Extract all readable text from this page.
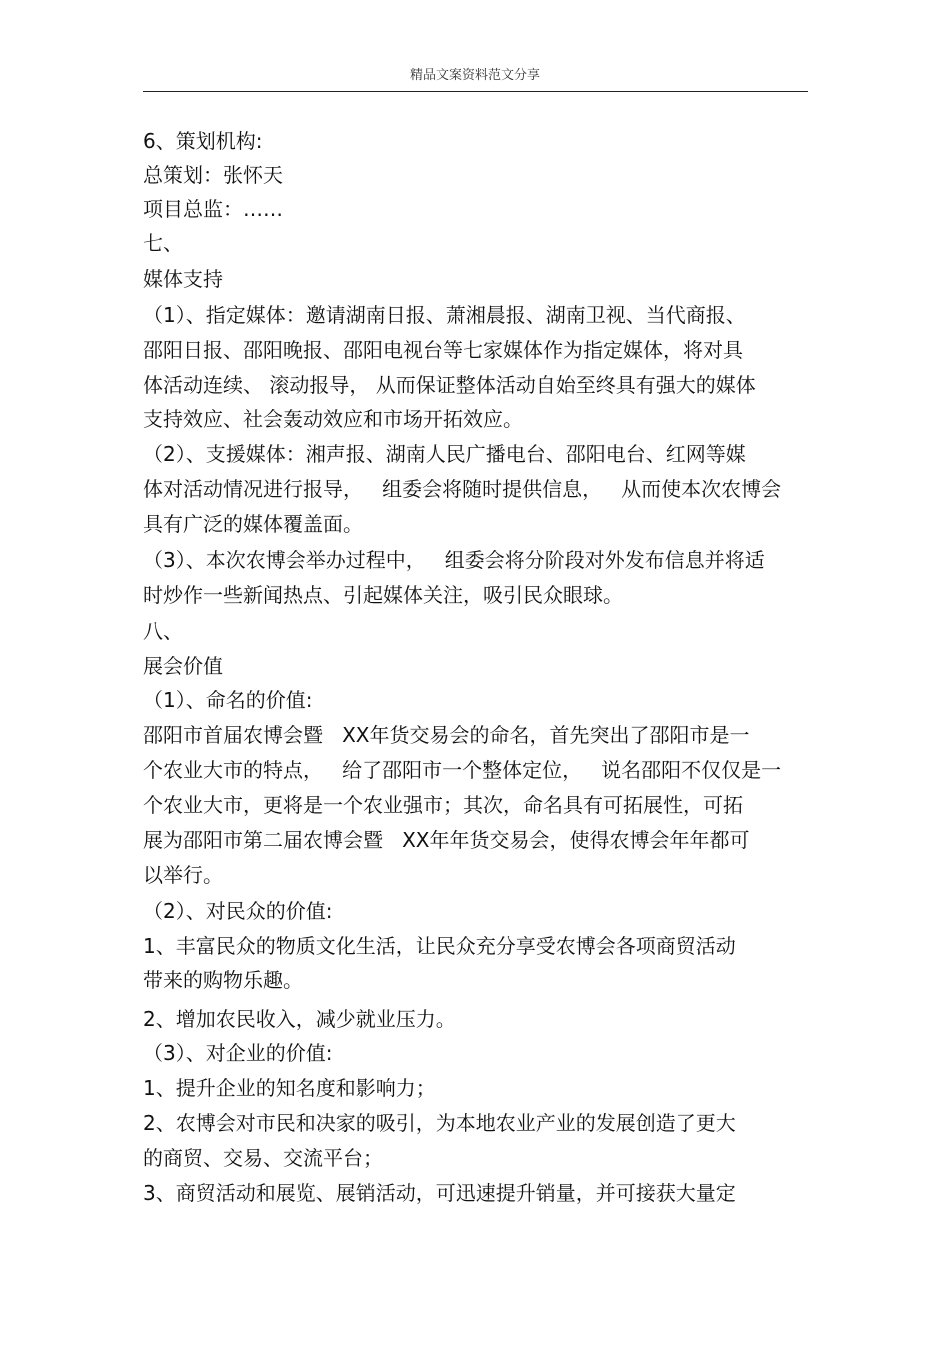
精品文案资料范文分享
6、策划机构:
总策划：张怀天
项目总监：……
七、
媒体支持
（1）、指定媒体：邀请湖南日报、萧湘晨报、湖南卫视、当代商报、
邵阳日报、邵阳晚报、邵阳电视台等七家媒体作为指定媒体，将对具
体活动连续、 滚动报导， 从而保证整体活动自始至终具有强大的媒体
支持效应、社会轰动效应和市场开拓效应。
（2）、支援媒体：湘声报、湖南人民广播电台、邵阳电台、红网等媒
体对活动情况进行报导，   组委会将随时提供信息，   从而使本次农博会
具有广泛的媒体覆盖面。
（3）、本次农博会举办过程中，   组委会将分阶段对外发布信息并将适
时炒作一些新闻热点、引起媒体关注，吸引民众眼球。
八、
展会价值
（1）、命名的价值:
邵阳市首届农博会暨   XX年货交易会的命名，首先突出了邵阳市是一
个农业大市的特点，   给了邵阳市一个整体定位，   说名邵阳不仅仅是一
个农业大市，更将是一个农业强市；其次，命名具有可拓展性，可拓
展为邵阳市第二届农博会暨   XX年年货交易会，使得农博会年年都可
以举行。
（2）、对民众的价值:
1、丰富民众的物质文化生活，让民众充分享受农博会各项商贸活动
带来的购物乐趣。
2、增加农民收入，减少就业压力。
（3）、对企业的价值:
1、提升企业的知名度和影响力；
2、农博会对市民和决家的吸引，为本地农业产业的发展创造了更大
的商贸、交易、交流平台；
3、商贸活动和展览、展销活动，可迅速提升销量，并可接获大量定
